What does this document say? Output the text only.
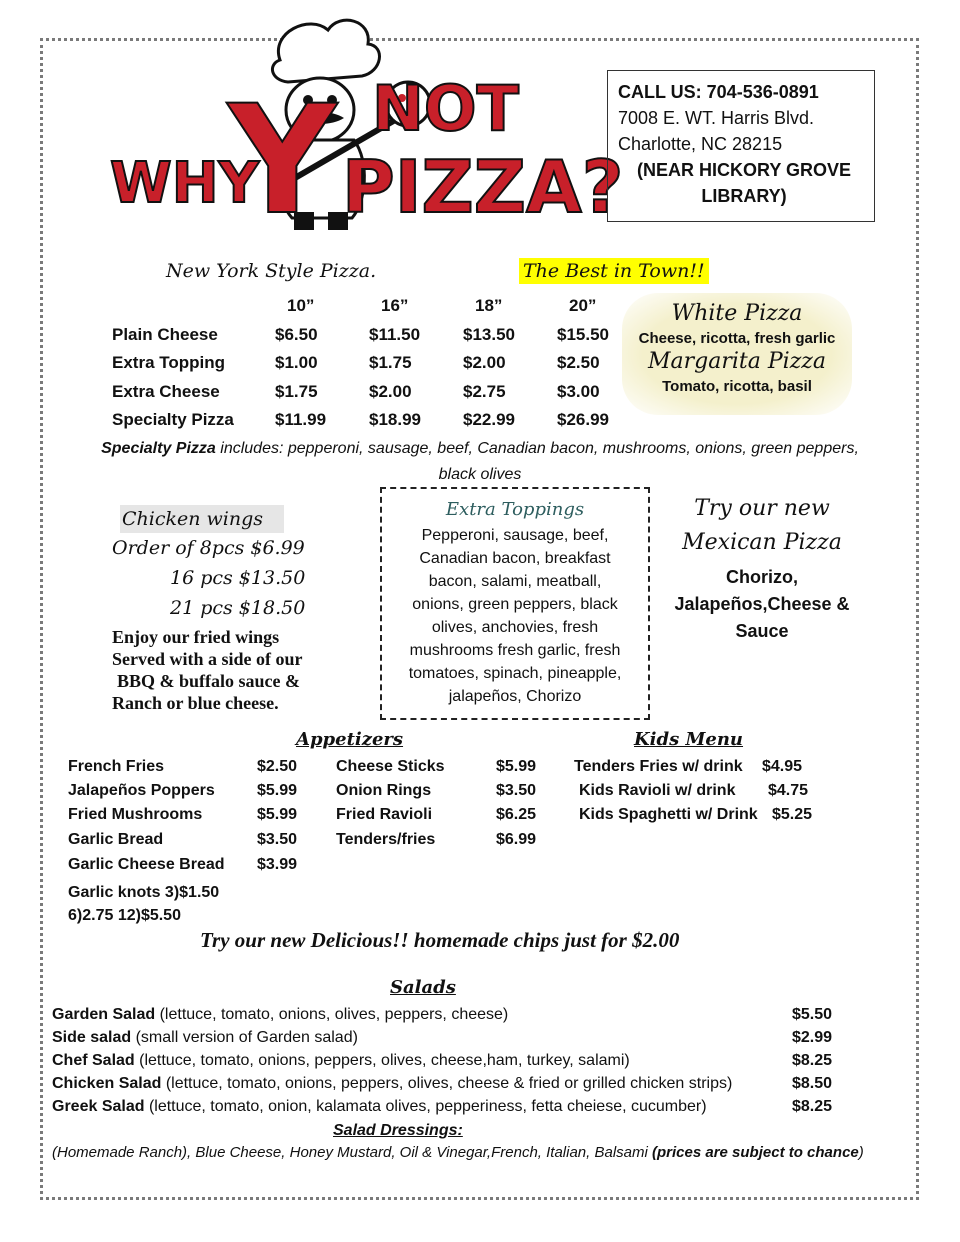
WHY
Y NOT
PIZZA?
CALL US: 704-536-0891
7008 E. WT. Harris Blvd.
Charlotte, NC 28215
(NEAR HICKORY GROVE LIBRARY)
New York Style Pizza.	The Best in Town!!
	10”	16”	18”	20”
Plain Cheese	$6.50	$11.50	$13.50	$15.50
Extra Topping	$1.00	$1.75	$2.00	$2.50
Extra Cheese	$1.75	$2.00	$2.75	$3.00
Specialty Pizza	$11.99	$18.99	$22.99	$26.99
White Pizza
Cheese, ricotta, fresh garlic
Margarita Pizza
Tomato, ricotta, basil
Specialty Pizza includes: pepperoni, sausage, beef, Canadian bacon, mushrooms, onions, green peppers, black olives
Chicken wings
Order of 8pcs $6.99
16 pcs $13.50
21 pcs $18.50
Enjoy our fried wings
Served with a side of our
BBQ & buffalo sauce &
Ranch or blue cheese.
Extra Toppings
Pepperoni, sausage, beef,
Canadian bacon, breakfast
bacon, salami, meatball,
onions, green peppers, black
olives, anchovies, fresh
mushrooms fresh garlic, fresh
tomatoes, spinach, pineapple,
jalapeños, Chorizo
Try our new
Mexican Pizza
Chorizo,
Jalapeños,Cheese &
Sauce
Appetizers
French Fries	$2.50
Jalapeños Poppers	$5.99
Fried Mushrooms	$5.99
Garlic Bread	$3.50
Garlic Cheese Bread $3.99
Garlic knots 3)$1.50
6)2.75 12)$5.50
Cheese Sticks	$5.99
Onion Rings	$3.50
Fried Ravioli	$6.25
Tenders/fries	$6.99
Kids Menu
Tenders Fries w/ drink $4.95
Kids Ravioli w/ drink $4.75
Kids Spaghetti w/ Drink $5.25
Try our new Delicious!! homemade chips just for $2.00
Salads
Garden Salad (lettuce, tomato, onions, olives, peppers, cheese)	$5.50
Side salad (small version of Garden salad)	$2.99
Chef Salad (lettuce, tomato, onions, peppers, olives, cheese,ham, turkey, salami)	$8.25
Chicken Salad (lettuce, tomato, onions, peppers, olives, cheese & fried or grilled chicken strips)	$8.50
Greek Salad (lettuce, tomato, onion, kalamata olives, pepperiness, fetta cheiese, cucumber)	$8.25
Salad Dressings:
(Homemade Ranch), Blue Cheese, Honey Mustard, Oil & Vinegar,French, Italian, Balsami (prices are subject to chance)
